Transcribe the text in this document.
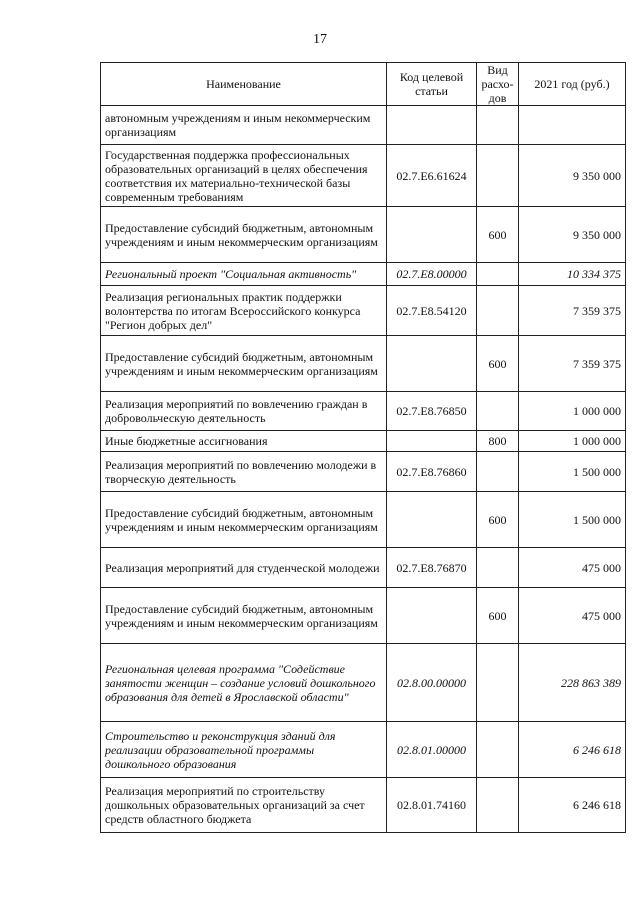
17
Наименование	Код целевой статьи	Вид расхо- дов	2021 год (руб.)
автономным учреждениям и иным некоммерческим организациям			
Государственная поддержка профессиональных образовательных организаций в целях обеспечения соответствия их материально-технической базы современным требованиям	02.7.E6.61624		9 350 000
Предоставление субсидий бюджетным, автономным учреждениям и иным некоммерческим организациям		600	9 350 000
Региональный проект "Социальная активность"	02.7.E8.00000		10 334 375
Реализация региональных практик поддержки волонтерства по итогам Всероссийского конкурса "Регион добрых дел"	02.7.E8.54120		7 359 375
Предоставление субсидий бюджетным, автономным учреждениям и иным некоммерческим организациям		600	7 359 375
Реализация мероприятий по вовлечению граждан в добровольческую деятельность	02.7.E8.76850		1 000 000
Иные бюджетные ассигнования		800	1 000 000
Реализация мероприятий по вовлечению молодежи в творческую деятельность	02.7.E8.76860		1 500 000
Предоставление субсидий бюджетным, автономным учреждениям и иным некоммерческим организациям		600	1 500 000
Реализация мероприятий для студенческой молодежи	02.7.E8.76870		475 000
Предоставление субсидий бюджетным, автономным учреждениям и иным некоммерческим организациям		600	475 000
Региональная целевая программа "Содействие занятости женщин – создание условий дошкольного образования для детей в Ярославской области"	02.8.00.00000		228 863 389
Строительство и реконструкция зданий для реализации образовательной программы дошкольного образования	02.8.01.00000		6 246 618
Реализация мероприятий по строительству дошкольных образовательных организаций за счет средств областного бюджета	02.8.01.74160		6 246 618
